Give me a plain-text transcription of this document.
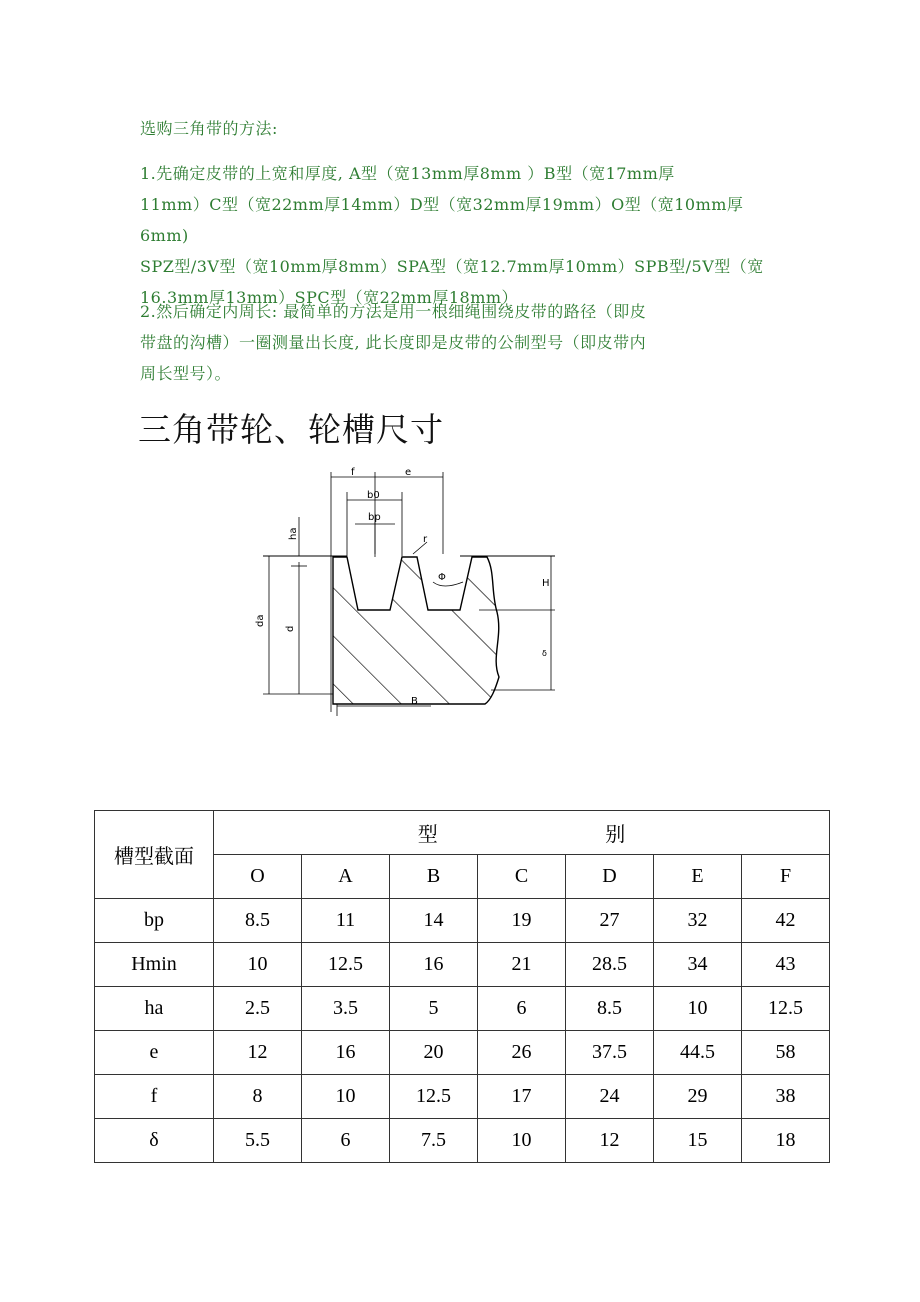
选购三角带的方法:

1.先确定皮带的上宽和厚度, A型（宽13mm厚8mm ）B型（宽17mm厚

11mm）C型（宽22mm厚14mm）D型（宽32mm厚19mm）O型（宽10mm厚6mm)

SPZ型/3V型（宽10mm厚8mm）SPA型（宽12.7mm厚10mm）SPB型/5V型（宽

16.3mm厚13mm）SPC型（宽22mm厚18mm）

2.然后确定内周长: 最简单的方法是用一根细绳围绕皮带的路径（即皮

带盘的沟槽）一圈测量出长度, 此长度即是皮带的公制型号（即皮带内

周长型号）。

三角带轮、轮槽尺寸
H
δ
da
d
ha
f	e
b0
bp
r
Φ
B
槽型截面	型 别						

	O	A	B	C	D	E	F
bp	8.5	11	14	19	27	32	42
Hmin	10	12.5	16	21	28.5	34	43
ha	2.5	3.5	5	6	8.5	10	12.5
e	12	16	20	26	37.5	44.5	58
f	8	10	12.5	17	24	29	38
δ	5.5	6	7.5	10	12	15	18
